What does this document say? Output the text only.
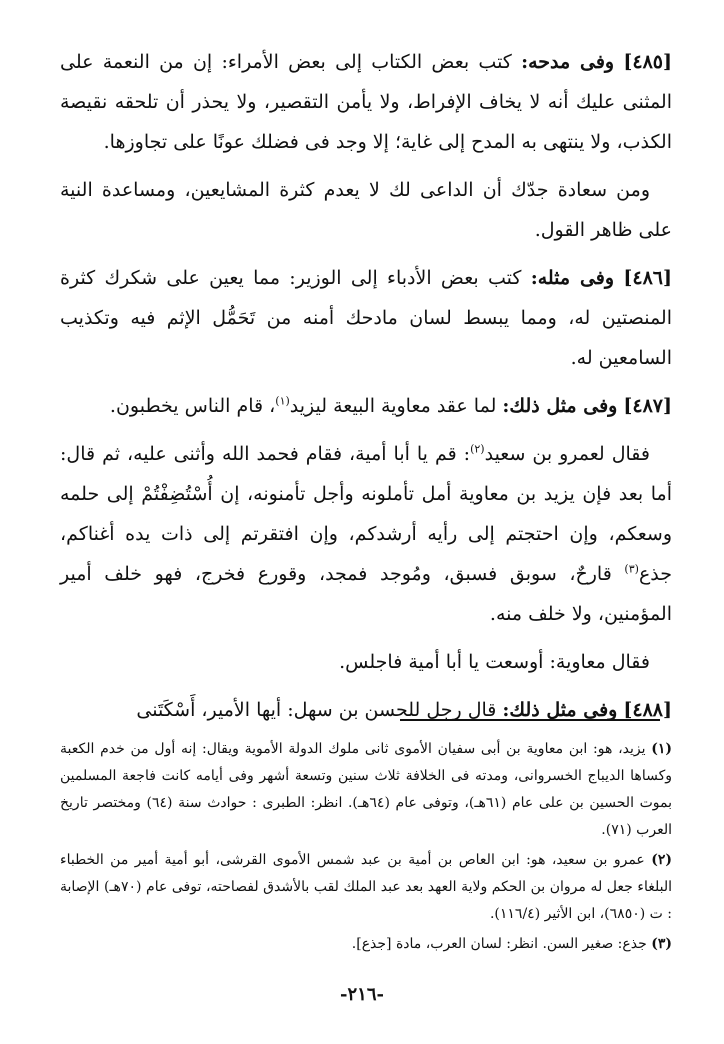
[٤٨٥] وفى مدحه: كتب بعض الكتاب إلى بعض الأمراء: إن من النعمة على المثنى عليك أنه لا يخاف الإفراط، ولا يأمن التقصير، ولا يحذر أن تلحقه نقيصة الكذب، ولا ينتهى به المدح إلى غاية؛ إلا وجد فى فضلك عونًا على تجاوزها.

ومن سعادة جدّك أن الداعى لك لا يعدم كثرة المشايعين، ومساعدة النية على ظاهر القول.

[٤٨٦] وفى مثله: كتب بعض الأدباء إلى الوزير: مما يعين على شكرك كثرة المنصتين له، ومما يبسط لسان مادحك أمنه من تَحَمُّل الإثم فيه وتكذيب السامعين له.

[٤٨٧] وفى مثل ذلك: لما عقد معاوية البيعة ليزيد$^{(١)}$، قام الناس يخطبون.

فقال لعمرو بن سعيد$^{(٢)}$: قم يا أبا أمية، فقام فحمد الله وأثنى عليه، ثم قال: أما بعد فإن يزيد بن معاوية أمل تأملونه وأجل تأمنونه، إن أُسْتُضِفْتُمْ إلى حلمه وسعكم، وإن احتجتم إلى رأيه أرشدكم، وإن افتقرتم إلى ذات يده أغناكم، جذع$^{(٣)}$ قارحٌ، سوبق فسبق، ومُوجد فمجد، وقورع فخرج، فهو خلف أمير المؤمنين، ولا خلف منه.

فقال معاوية: أوسعت يا أبا أمية فاجلس.

[٤٨٨] وفى مثل ذلك: قال رجل للحسن بن سهل: أيها الأمير، أَسْكَتَنى

(١) يزيد، هو: ابن معاوية بن أبى سفيان الأموى ثانى ملوك الدولة الأموية ويقال: إنه أول من خدم الكعبة وكساها الديباج الخسروانى، ومدته فى الخلافة ثلاث سنين وتسعة أشهر وفى أيامه كانت فاجعة المسلمين بموت الحسين بن على عام (٦١هـ)، وتوفى عام (٦٤هـ). انظر: الطبرى : حوادث سنة (٦٤) ومختصر تاريخ العرب (٧١).

(٢) عمرو بن سعيد، هو: ابن العاص بن أمية بن عبد شمس الأموى القرشى، أبو أمية أمير من الخطباء البلغاء جعل له مروان بن الحكم ولاية العهد بعد عبد الملك لقب بالأشدق لفصاحته، توفى عام (٧٠هـ) الإصابة : ت (٦٨٥٠)، ابن الأثير (١١٦/٤).

(٣) جذع: صغير السن. انظر: لسان العرب، مادة [جذع].

-٢١٦-
